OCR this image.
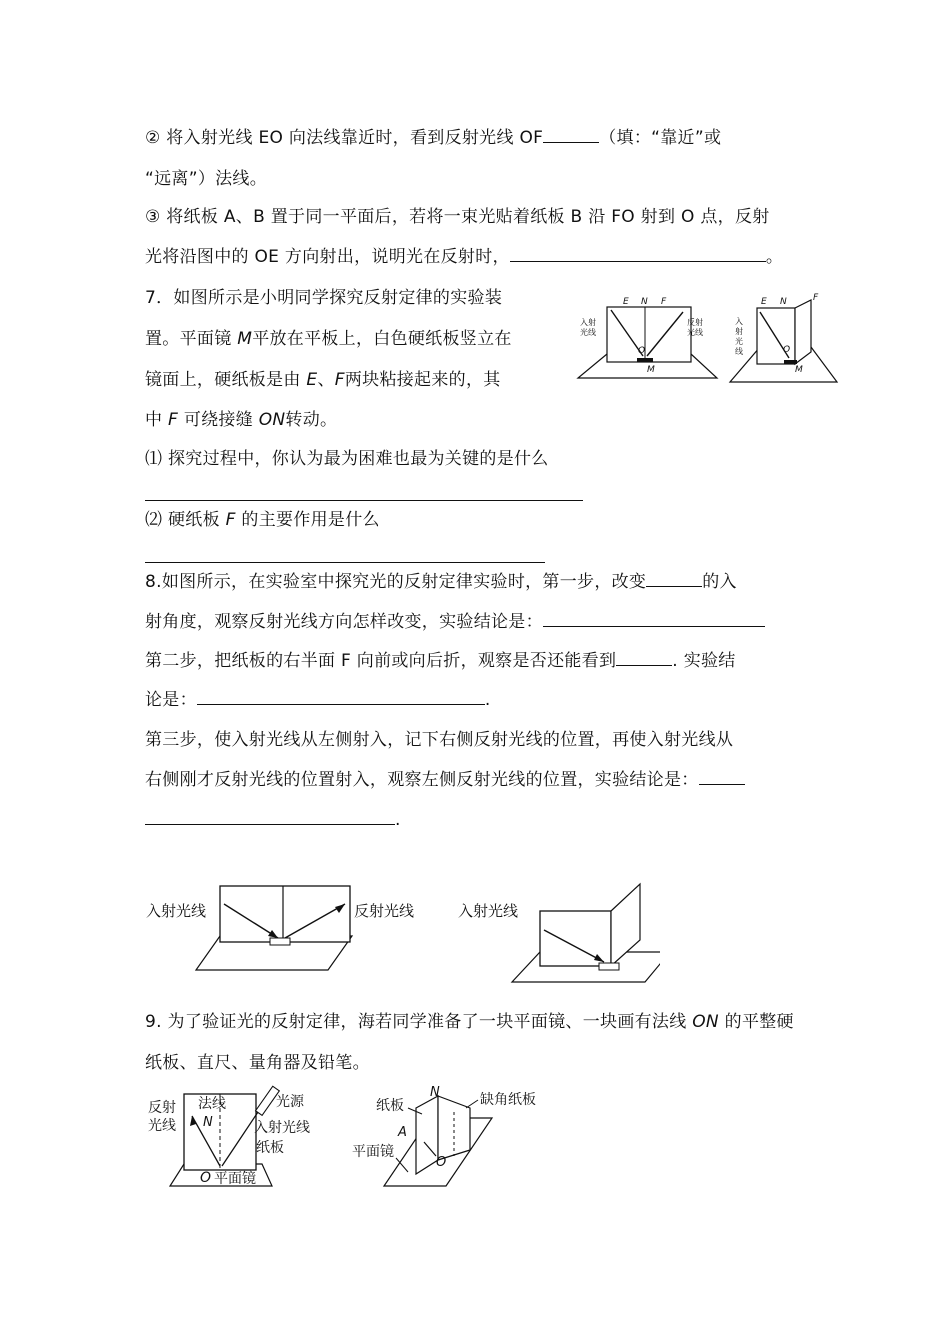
② 将入射光线 EO 向法线靠近时，看到反射光线 OF	（填：“靠近”或
“远离”）法线。
③ 将纸板 A、B 置于同一平面后，若将一束光贴着纸板 B 沿 FO 射到 O 点，反射
光将沿图中的 OE 方向射出，说明光在反射时，	。
7．如图所示是小明同学探究反射定律的实验装
置。平面镜 M平放在平板上，白色硬纸板竖立在
镜面上，硬纸板是由 E、F两块粘接起来的，其
中 F 可绕接缝 ON转动。
⑴ 探究过程中，你认为最为困难也最为关键的是什么
⑵ 硬纸板 F 的主要作用是什么
E N F
O
M
入射
光线
反射
光线
E N	F
O
M
入
射
光
线
8.如图所示，在实验室中探究光的反射定律实验时，第一步，改变	的入
射角度，观察反射光线方向怎样改变，实验结论是：
第二步，把纸板的右半面 F 向前或向后折，观察是否还能看到	. 实验结
论是：	.
第三步，使入射光线从左侧射入，记下右侧反射光线的位置，再使入射光线从
右侧刚才反射光线的位置射入，观察左侧反射光线的位置，实验结论是：
.
入射光线	反射光线	入射光线
9. 为了验证光的反射定律，海若同学准备了一块平面镜、一块画有法线 ON 的平整硬
纸板、直尺、量角器及铅笔。
反射
光线
法线
N
光源
入射光线
纸板
O 平面镜
纸板
N	缺角纸板
A
平面镜
O
